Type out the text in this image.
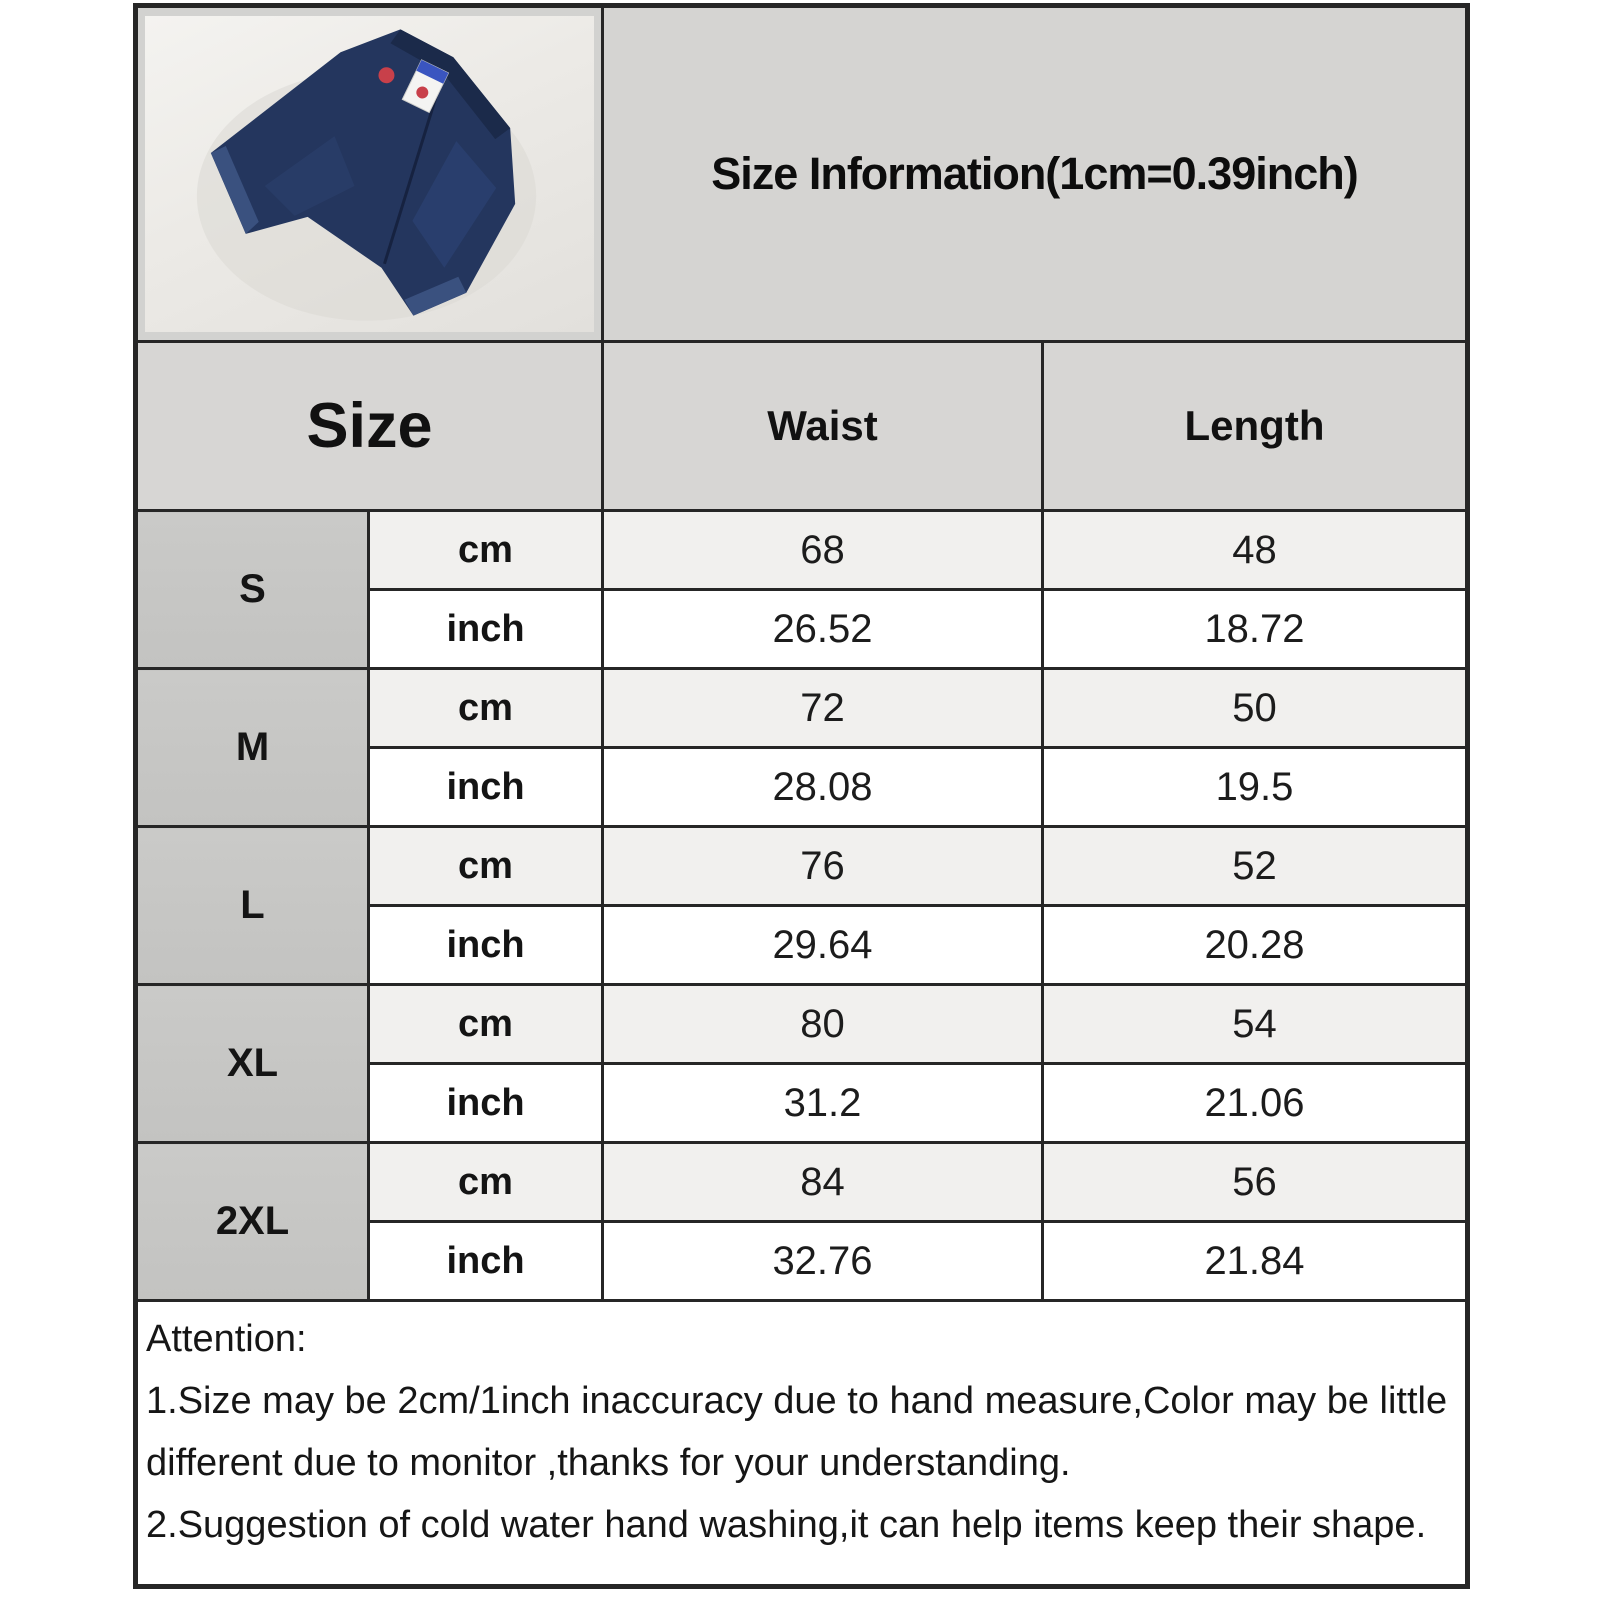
	Size Information(1cm=0.39inch)	
Size		Waist	Length
S	cm	68	48
	inch	26.52	18.72
M	cm	72	50
	inch	28.08	19.5
L	cm	76	52
	inch	29.64	20.28
XL	cm	80	54
	inch	31.2	21.06
2XL	cm	84	56
	inch	32.76	21.84

Attention:
1.Size may be 2cm/1inch inaccuracy due to hand measure,Color may be little
different due to monitor ,thanks for your understanding.
2.Suggestion of cold water hand washing,it can help items keep their shape.			
